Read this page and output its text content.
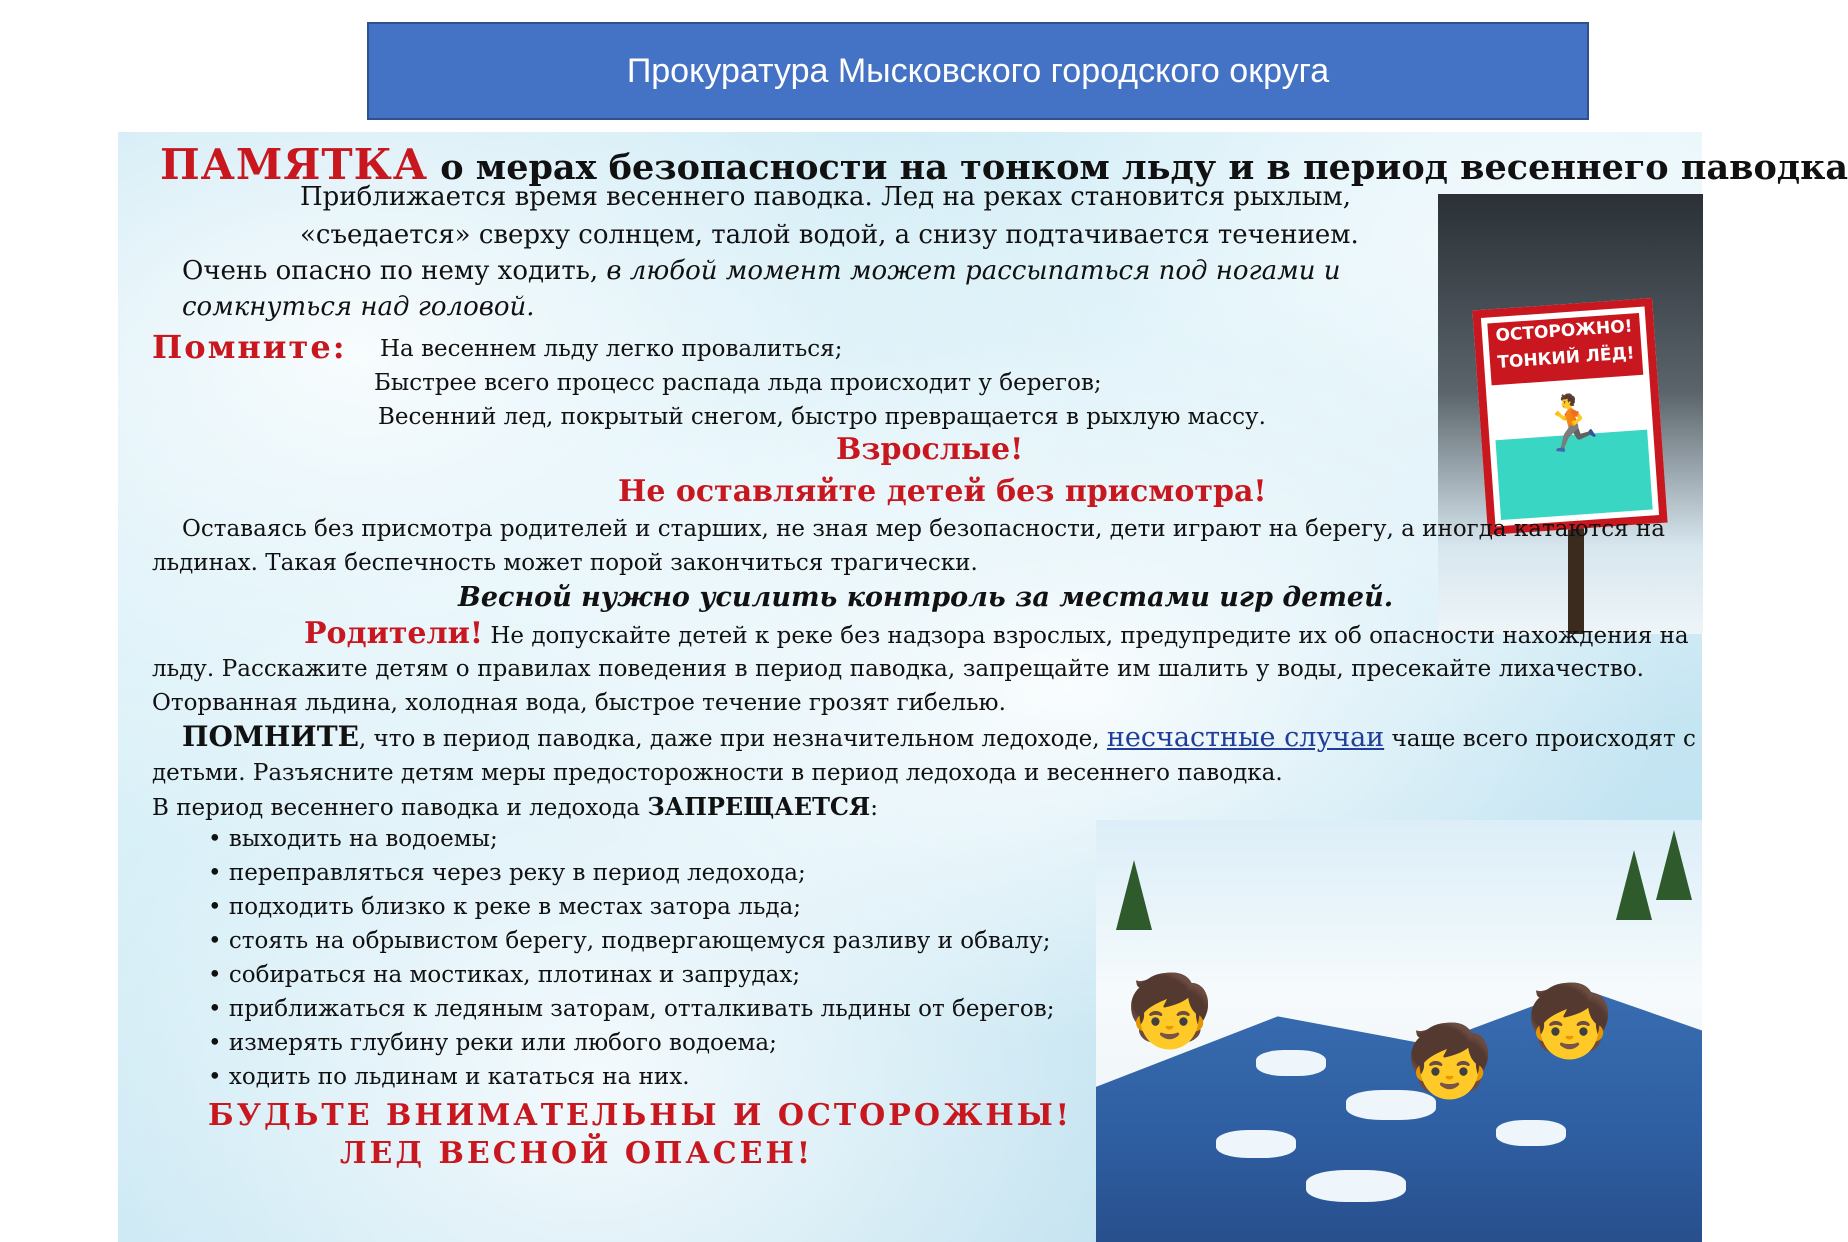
Прокуратура Мысковского городского округа
ОСТОРОЖНО!
ТОНКИЙ ЛЁД!
🏃
ПАМЯТКА о мерах безопасности на тонком льду и в период весеннего паводка
Приближается время весеннего паводка. Лед на реках становится рыхлым,
«съедается» сверху солнцем, талой водой, а снизу подтачивается течением.
Очень опасно по нему ходить, в любой момент может рассыпаться под ногами и
сомкнуться над головой.
Помните: На весеннем льду легко провалиться;
Быстрее всего процесс распада льда происходит у берегов;
Весенний лед, покрытый снегом, быстро превращается в рыхлую массу.
Взрослые!
Не оставляйте детей без присмотра!
Оставаясь без присмотра родителей и старших, не зная мер безопасности, дети играют на берегу, а иногда катаются на
льдинах. Такая беспечность может порой закончиться трагически.
Весной нужно усилить контроль за местами игр детей.
Родители! Не допускайте детей к реке без надзора взрослых, предупредите их об опасности нахождения на
льду. Расскажите детям о правилах поведения в период паводка, запрещайте им шалить у воды, пресекайте лихачество.
Оторванная льдина, холодная вода, быстрое течение грозят гибелью.
ПОМНИТЕ, что в период паводка, даже при незначительном ледоходе, несчастные случаи чаще всего происходят с
детьми. Разъясните детям меры предосторожности в период ледохода и весеннего паводка.
В период весеннего паводка и ледохода ЗАПРЕЩАЕТСЯ:
• выходить на водоемы;
• переправляться через реку в период ледохода;
• подходить близко к реке в местах затора льда;
• стоять на обрывистом берегу, подвергающемуся разливу и обвалу;
• собираться на мостиках, плотинах и запрудах;
• приближаться к ледяным заторам, отталкивать льдины от берегов;
• измерять глубину реки или любого водоема;
• ходить по льдинам и кататься на них.
БУДЬТЕ ВНИМАТЕЛЬНЫ И ОСТОРОЖНЫ!
ЛЕД ВЕСНОЙ ОПАСЕН!
🧒
🧒 🧒
